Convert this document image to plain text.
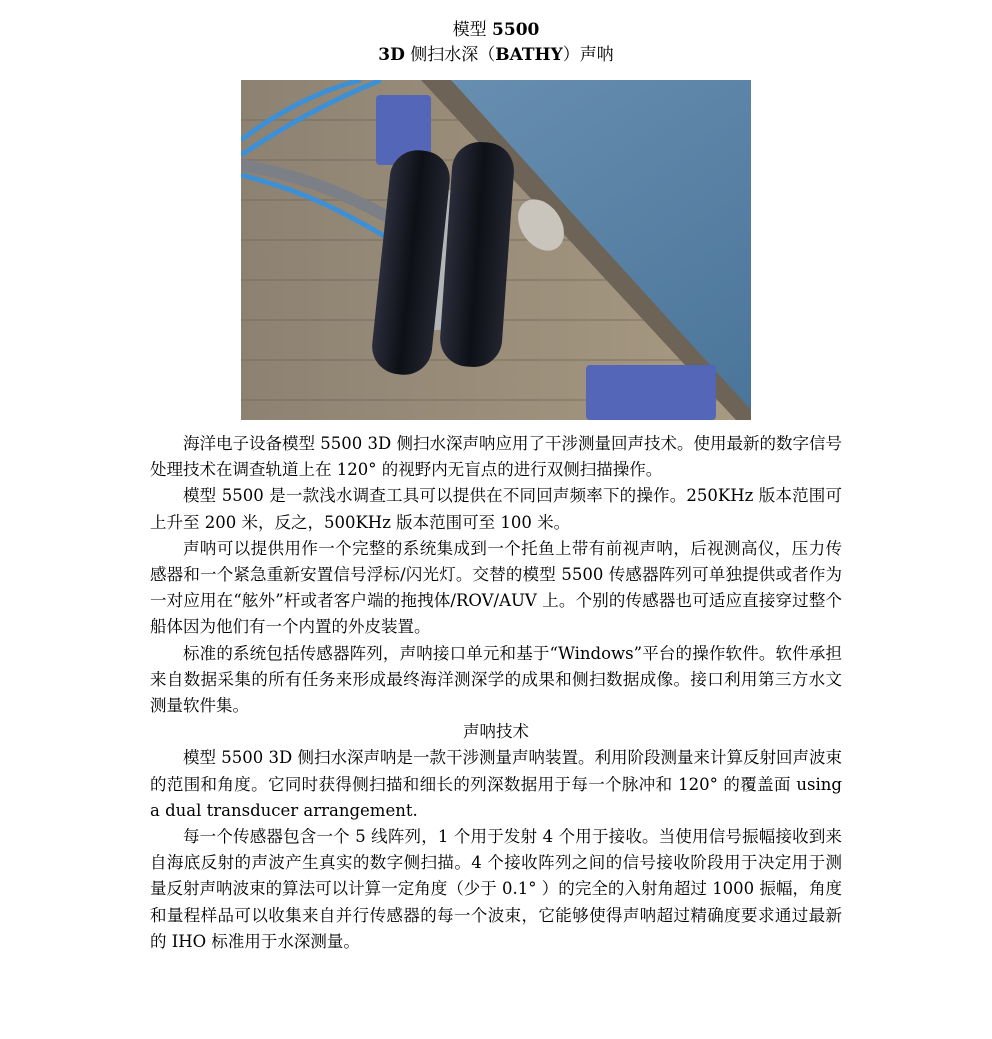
模型 5500
3D 侧扫水深（BATHY）声呐

海洋电子设备模型 5500 3D 侧扫水深声呐应用了干涉测量回声技术。使用最新的数字信号处理技术在调查轨道上在 120° 的视野内无盲点的进行双侧扫描操作。

模型 5500 是一款浅水调查工具可以提供在不同回声频率下的操作。250KHz 版本范围可上升至 200 米，反之，500KHz 版本范围可至 100 米。

声呐可以提供用作一个完整的系统集成到一个托鱼上带有前视声呐，后视测高仪，压力传感器和一个紧急重新安置信号浮标/闪光灯。交替的模型 5500 传感器阵列可单独提供或者作为一对应用在“舷外”杆或者客户端的拖拽体/ROV/AUV 上。个别的传感器也可适应直接穿过整个船体因为他们有一个内置的外皮装置。

标准的系统包括传感器阵列，声呐接口单元和基于“Windows”平台的操作软件。软件承担来自数据采集的所有任务来形成最终海洋测深学的成果和侧扫数据成像。接口利用第三方水文测量软件集。

声呐技术

模型 5500 3D 侧扫水深声呐是一款干涉测量声呐装置。利用阶段测量来计算反射回声波束的范围和角度。它同时获得侧扫描和细长的列深数据用于每一个脉冲和 120° 的覆盖面 using a dual transducer arrangement.

每一个传感器包含一个 5 线阵列，1 个用于发射 4 个用于接收。当使用信号振幅接收到来自海底反射的声波产生真实的数字侧扫描。4 个接收阵列之间的信号接收阶段用于决定用于测量反射声呐波束的算法可以计算一定角度（少于 0.1° ）的完全的入射角超过 1000 振幅，角度和量程样品可以收集来自并行传感器的每一个波束，它能够使得声呐超过精确度要求通过最新的 IHO 标准用于水深测量。
